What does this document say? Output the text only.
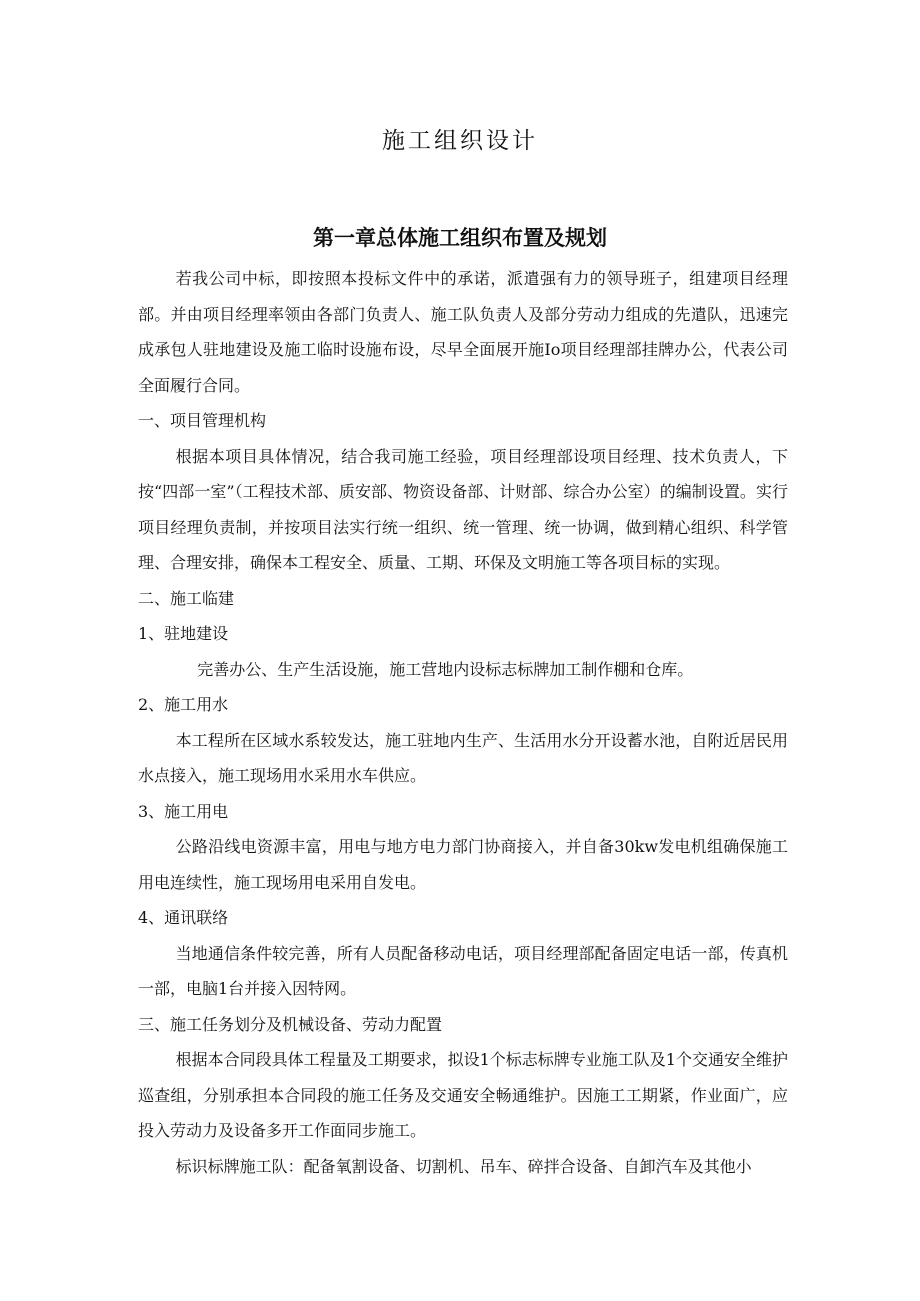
施工组织设计
第一章总体施工组织布置及规划

若我公司中标，即按照本投标文件中的承诺，派遣强有力的领导班子，组建项目经理部。并由项目经理率领由各部门负责人、施工队负责人及部分劳动力组成的先遣队，迅速完成承包人驻地建设及施工临时设施布设，尽早全面展开施Io项目经理部挂牌办公，代表公司全面履行合同。

一、项目管理机构

根据本项目具体情况，结合我司施工经验，项目经理部设项目经理、技术负责人，下按“四部一室”（工程技术部、质安部、物资设备部、计财部、综合办公室）的编制设置。实行项目经理负责制，并按项目法实行统一组织、统一管理、统一协调，做到精心组织、科学管理、合理安排，确保本工程安全、质量、工期、环保及文明施工等各项目标的实现。

二、施工临建

1、驻地建设

完善办公、生产生活设施，施工营地内设标志标牌加工制作棚和仓库。

2、施工用水

本工程所在区域水系较发达，施工驻地内生产、生活用水分开设蓄水池，自附近居民用水点接入，施工现场用水采用水车供应。

3、施工用电

公路沿线电资源丰富，用电与地方电力部门协商接入，并自备30kw发电机组确保施工用电连续性，施工现场用电采用自发电。

4、通讯联络

当地通信条件较完善，所有人员配备移动电话，项目经理部配备固定电话一部，传真机一部，电脑1台并接入因特网。

三、施工任务划分及机械设备、劳动力配置

根据本合同段具体工程量及工期要求，拟设1个标志标牌专业施工队及1个交通安全维护巡查组，分别承担本合同段的施工任务及交通安全畅通维护。因施工工期紧，作业面广，应投入劳动力及设备多开工作面同步施工。

标识标牌施工队：配备氧割设备、切割机、吊车、碎拌合设备、自卸汽车及其他小
